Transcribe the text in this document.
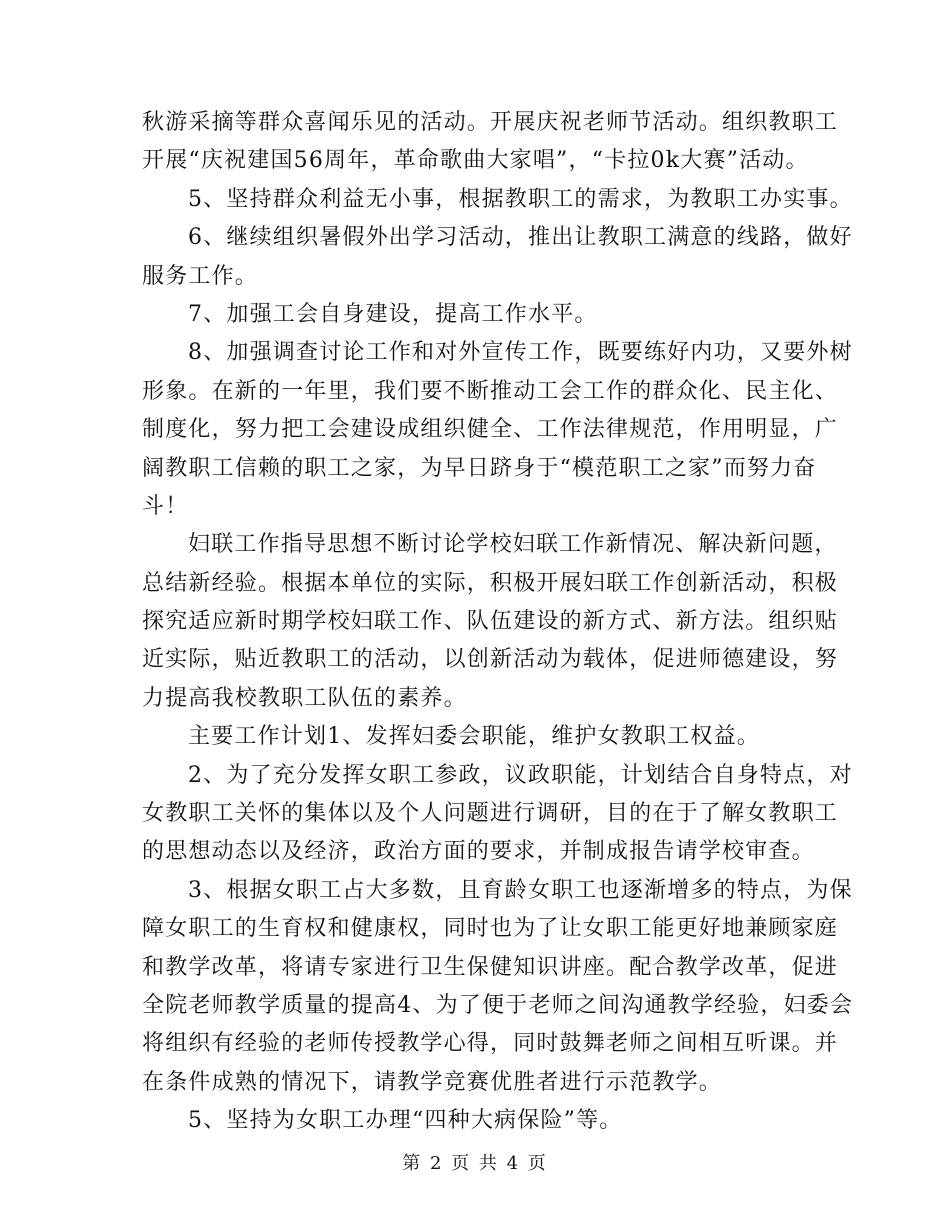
秋游采摘等群众喜闻乐见的活动。开展庆祝老师节活动。组织教职工
开展“庆祝建国56周年，革命歌曲大家唱”，“卡拉0k大赛”活动。
5、坚持群众利益无小事，根据教职工的需求，为教职工办实事。
6、继续组织暑假外出学习活动，推出让教职工满意的线路，做好
服务工作。
7、加强工会自身建设，提高工作水平。
8、加强调查讨论工作和对外宣传工作，既要练好内功，又要外树
形象。在新的一年里，我们要不断推动工会工作的群众化、民主化、
制度化，努力把工会建设成组织健全、工作法律规范，作用明显，广
阔教职工信赖的职工之家，为早日跻身于“模范职工之家”而努力奋
斗！
妇联工作指导思想不断讨论学校妇联工作新情况、解决新问题，
总结新经验。根据本单位的实际，积极开展妇联工作创新活动，积极
探究适应新时期学校妇联工作、队伍建设的新方式、新方法。组织贴
近实际，贴近教职工的活动，以创新活动为载体，促进师德建设，努
力提高我校教职工队伍的素养。
主要工作计划1、发挥妇委会职能，维护女教职工权益。
2、为了充分发挥女职工参政，议政职能，计划结合自身特点，对
女教职工关怀的集体以及个人问题进行调研，目的在于了解女教职工
的思想动态以及经济，政治方面的要求，并制成报告请学校审查。
3、根据女职工占大多数，且育龄女职工也逐渐增多的特点，为保
障女职工的生育权和健康权，同时也为了让女职工能更好地兼顾家庭
和教学改革，将请专家进行卫生保健知识讲座。配合教学改革，促进
全院老师教学质量的提高4、为了便于老师之间沟通教学经验，妇委会
将组织有经验的老师传授教学心得，同时鼓舞老师之间相互听课。并
在条件成熟的情况下，请教学竞赛优胜者进行示范教学。
5、坚持为女职工办理“四种大病保险”等。
第 2 页 共 4 页
